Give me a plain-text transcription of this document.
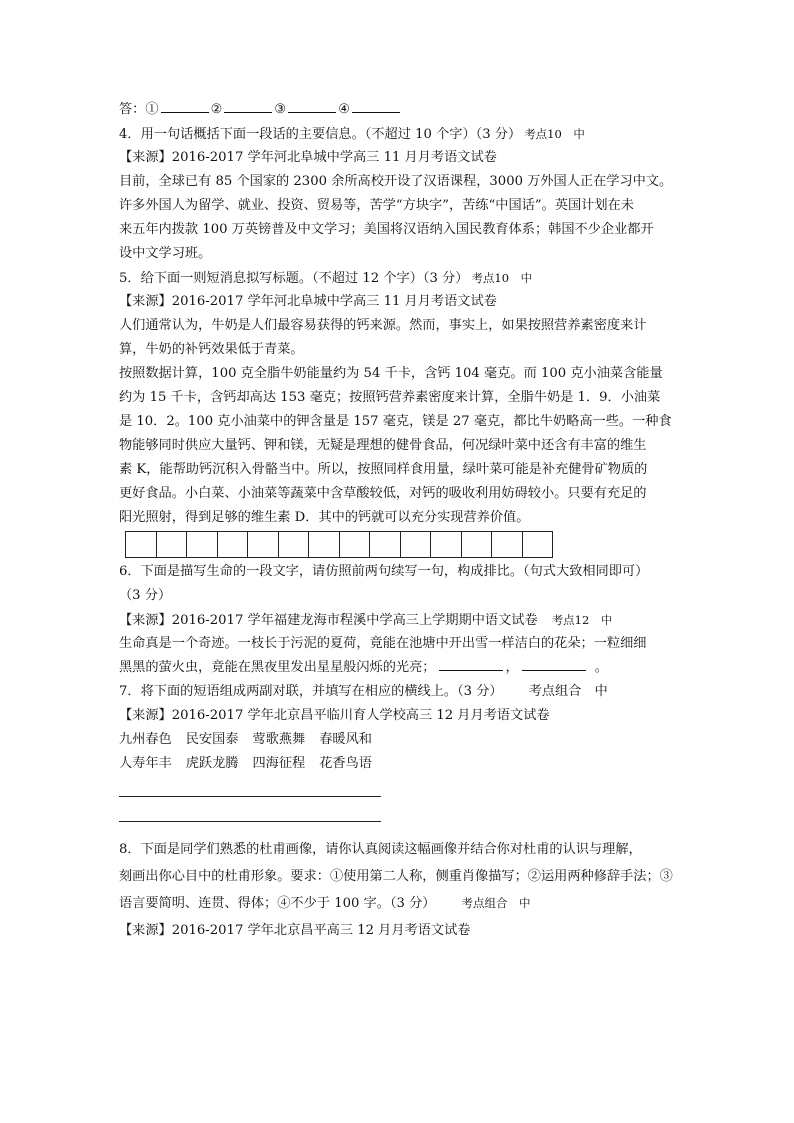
答：①	②	③	④
4．用一句话概括下面一段话的主要信息。（不超过 10 个字）（3 分） 考点10　中
【来源】2016-2017 学年河北阜城中学高三 11 月月考语文试卷
目前，全球已有 85 个国家的 2300 余所高校开设了汉语课程，3000 万外国人正在学习中文。
许多外国人为留学、就业、投资、贸易等，苦学“方块字”，苦练“中国话”。英国计划在未
来五年内拨款 100 万英镑普及中文学习；美国将汉语纳入国民教育体系；韩国不少企业都开
设中文学习班。
5．给下面一则短消息拟写标题。（不超过 12 个字）（3 分） 考点10　中
【来源】2016-2017 学年河北阜城中学高三 11 月月考语文试卷
人们通常认为，牛奶是人们最容易获得的钙来源。然而，事实上，如果按照营养素密度来计
算，牛奶的补钙效果低于青菜。
按照数据计算，100 克全脂牛奶能量约为 54 千卡，含钙 104 毫克。而 100 克小油菜含能量
约为 15 千卡，含钙却高达 153 毫克；按照钙营养素密度来计算，全脂牛奶是 1．9．小油菜
是 10．2。100 克小油菜中的钾含量是 157 毫克，镁是 27 毫克，都比牛奶略高一些。一种食
物能够同时供应大量钙、钾和镁，无疑是理想的健骨食品，何况绿叶菜中还含有丰富的维生
素 K，能帮助钙沉积入骨骼当中。所以，按照同样食用量，绿叶菜可能是补充健骨矿物质的
更好食品。小白菜、小油菜等蔬菜中含草酸较低，对钙的吸收利用妨碍较小。只要有充足的
阳光照射，得到足够的维生素 D．其中的钙就可以充分实现营养价值。
6．下面是描写生命的一段文字，请仿照前两句续写一句，构成排比。（句式大致相同即可）
（3 分）
【来源】2016-2017 学年福建龙海市程溪中学高三上学期期中语文试卷 考点12　中
生命真是一个奇迹。一枝长于污泥的夏荷，竟能在池塘中开出雪一样洁白的花朵；一粒细细
黑黑的萤火虫，竟能在黑夜里发出星星般闪烁的光亮；	，	。
7．将下面的短语组成两副对联，并填写在相应的横线上。（3 分） 考点组合　中
【来源】2016-2017 学年北京昌平临川育人学校高三 12 月月考语文试卷
九州春色 民安国泰 莺歌燕舞 春暖风和
人寿年丰 虎跃龙腾 四海征程 花香鸟语
8．下面是同学们熟悉的杜甫画像，请你认真阅读这幅画像并结合你对杜甫的认识与理解，
刻画出你心目中的杜甫形象。要求：①使用第二人称，侧重肖像描写；②运用两种修辞手法；③
语言要简明、连贯、得体；④不少于 100 字。（3 分） 考点组合　中
【来源】2016-2017 学年北京昌平高三 12 月月考语文试卷
